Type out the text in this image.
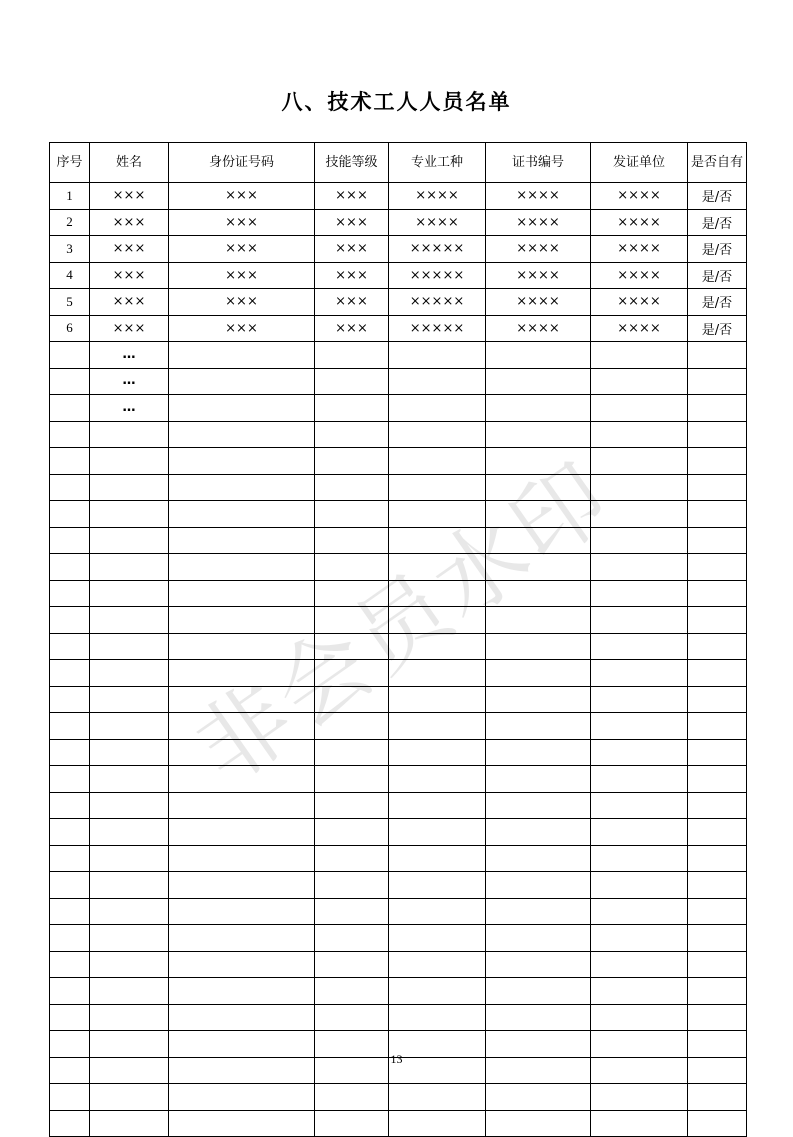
八、技术工人人员名单
非会员水印
序号	姓名	身份证号码	技能等级	专业工种	证书编号	发证单位	是否自有
1	×××	×××	×××	××××	××××	××××	是/否
2	×××	×××	×××	××××	××××	××××	是/否
3	×××	×××	×××	×××××	××××	××××	是/否
4	×××	×××	×××	×××××	××××	××××	是/否
5	×××	×××	×××	×××××	××××	××××	是/否
6	×××	×××	×××	×××××	××××	××××	是/否
	…						
	…						
	…						

13
